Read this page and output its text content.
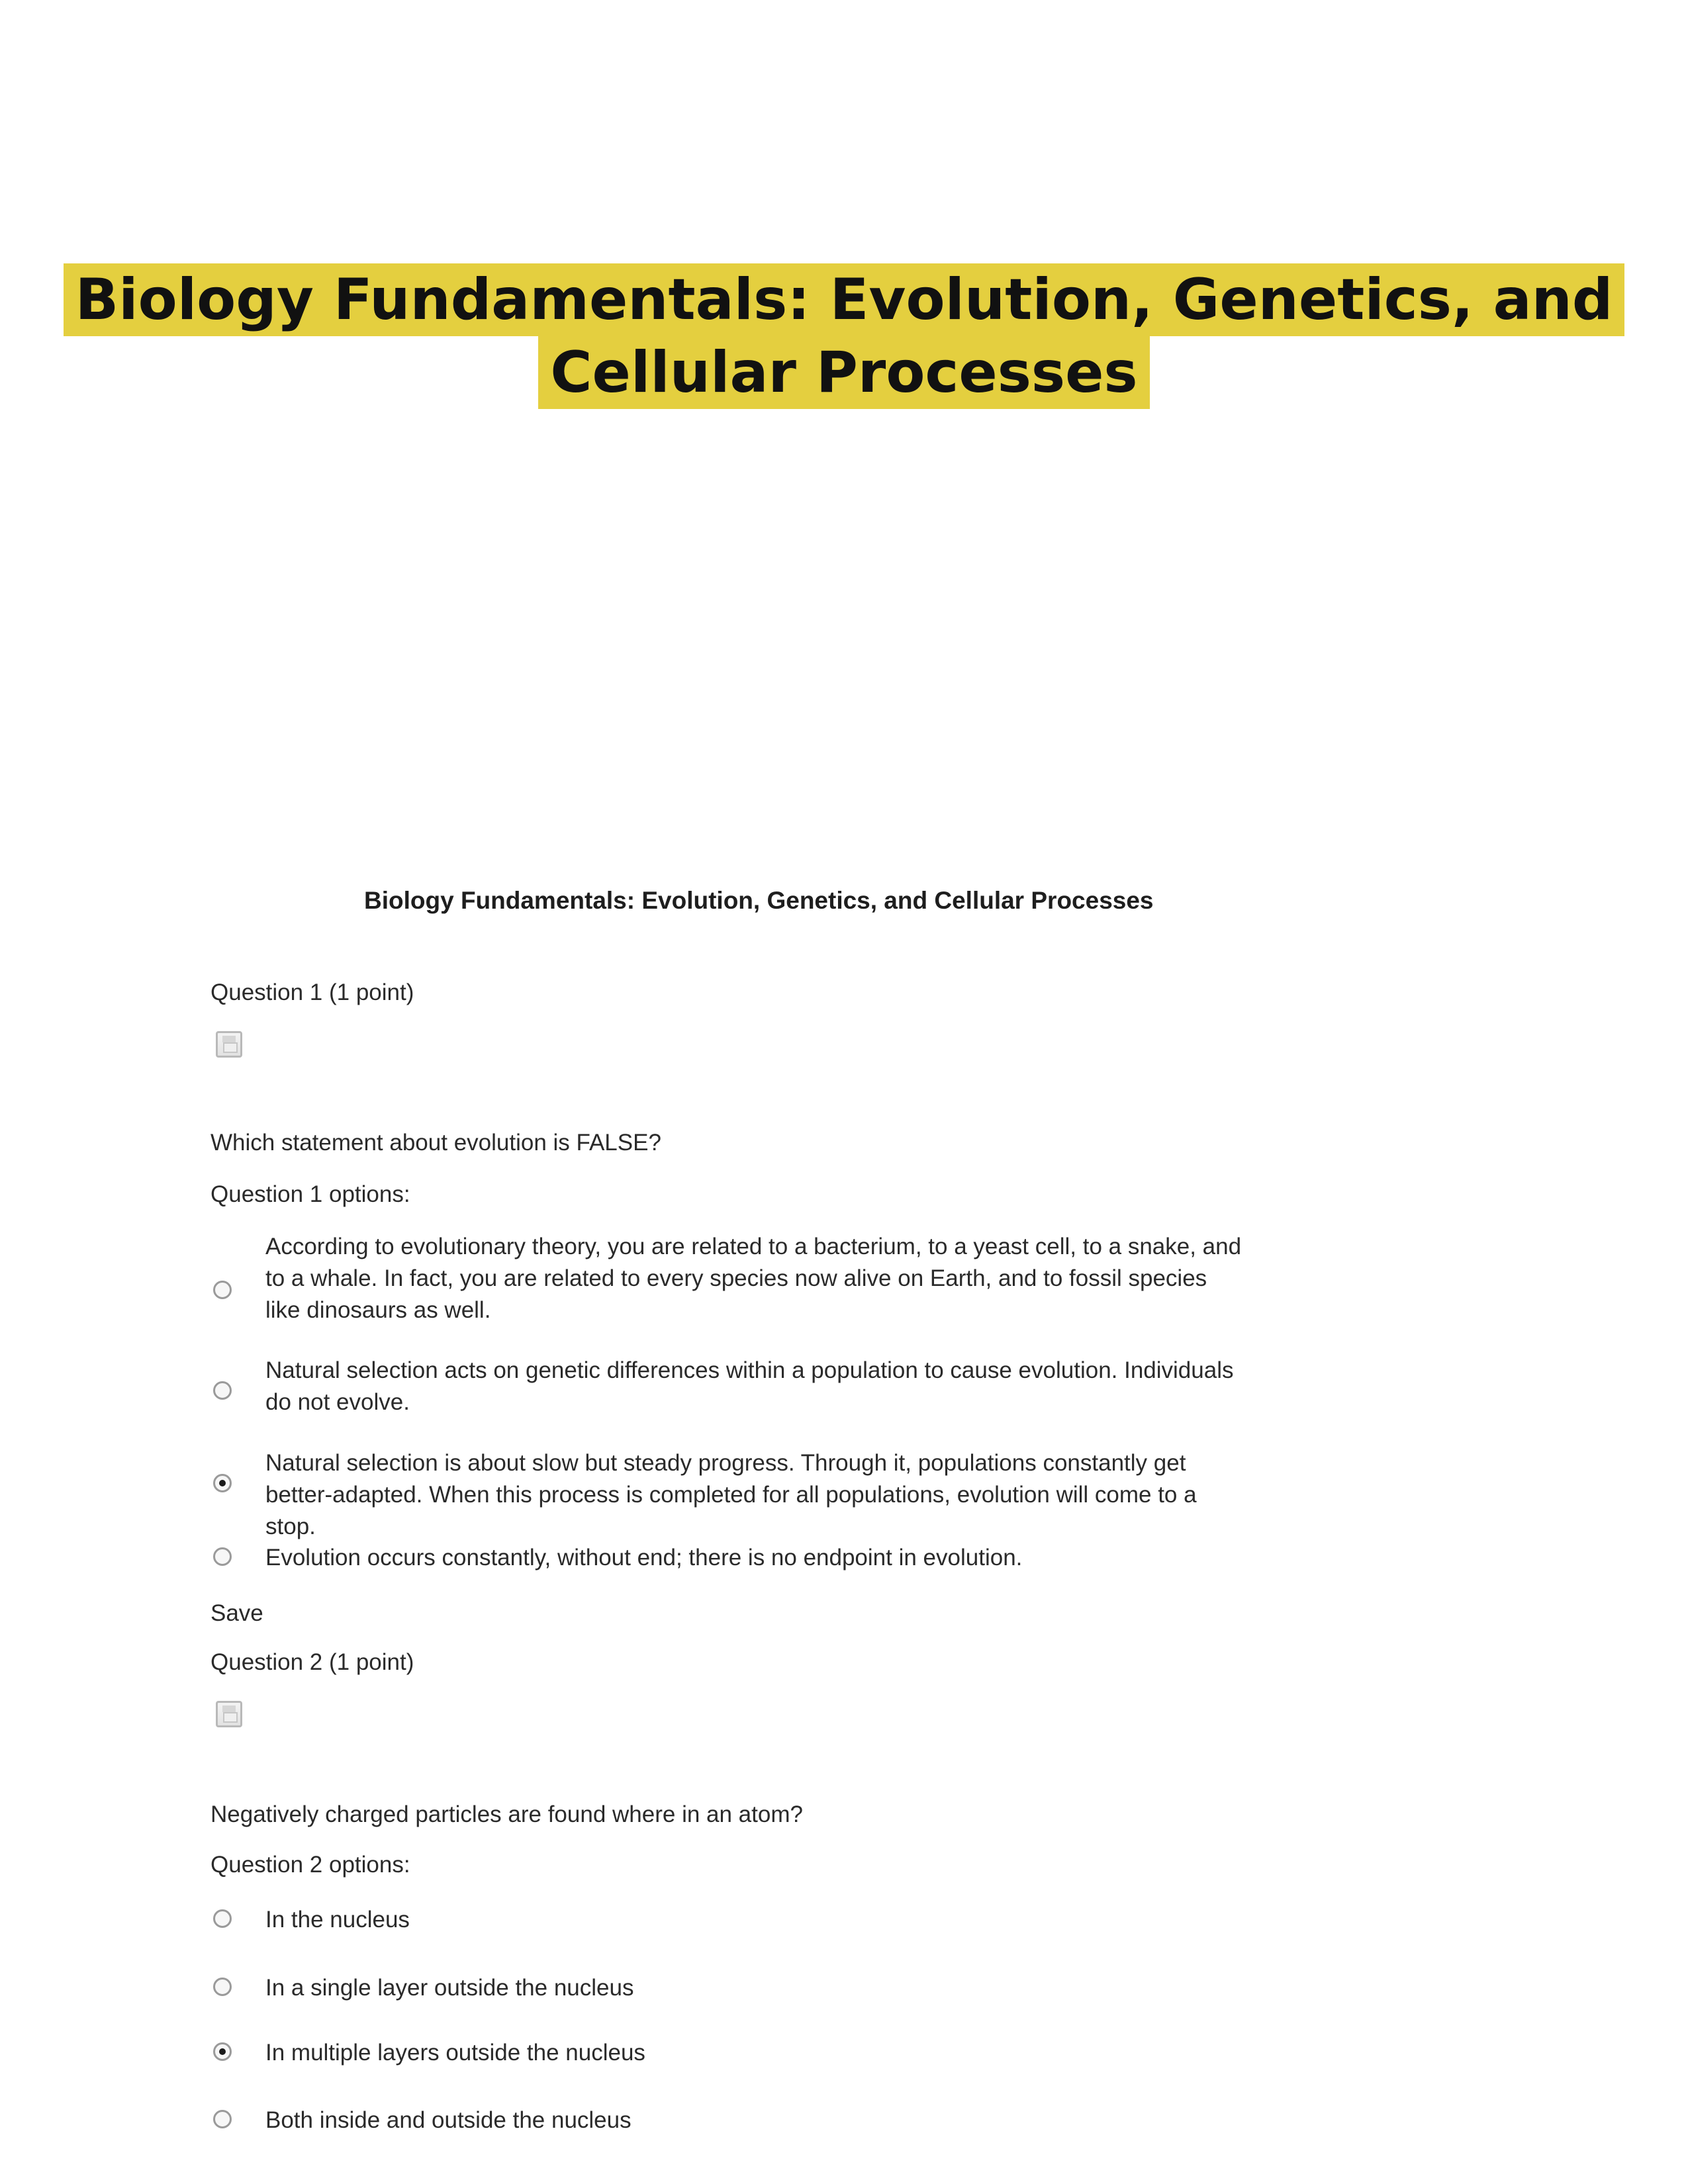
Biology Fundamentals: Evolution, Genetics, and
Cellular Processes
Biology Fundamentals: Evolution, Genetics, and Cellular Processes
Question 1 (1 point)
Which statement about evolution is FALSE?
Question 1 options:
According to evolutionary theory, you are related to a bacterium, to a yeast cell, to a snake, and to a whale. In fact, you are related to every species now alive on Earth, and to fossil species like dinosaurs as well.
Natural selection acts on genetic differences within a population to cause evolution. Individuals do not evolve.
Natural selection is about slow but steady progress. Through it, populations constantly get better-adapted. When this process is completed for all populations, evolution will come to a stop.
Evolution occurs constantly, without end; there is no endpoint in evolution.
Save
Question 2 (1 point)
Negatively charged particles are found where in an atom?
Question 2 options:
In the nucleus
In a single layer outside the nucleus
In multiple layers outside the nucleus
Both inside and outside the nucleus
